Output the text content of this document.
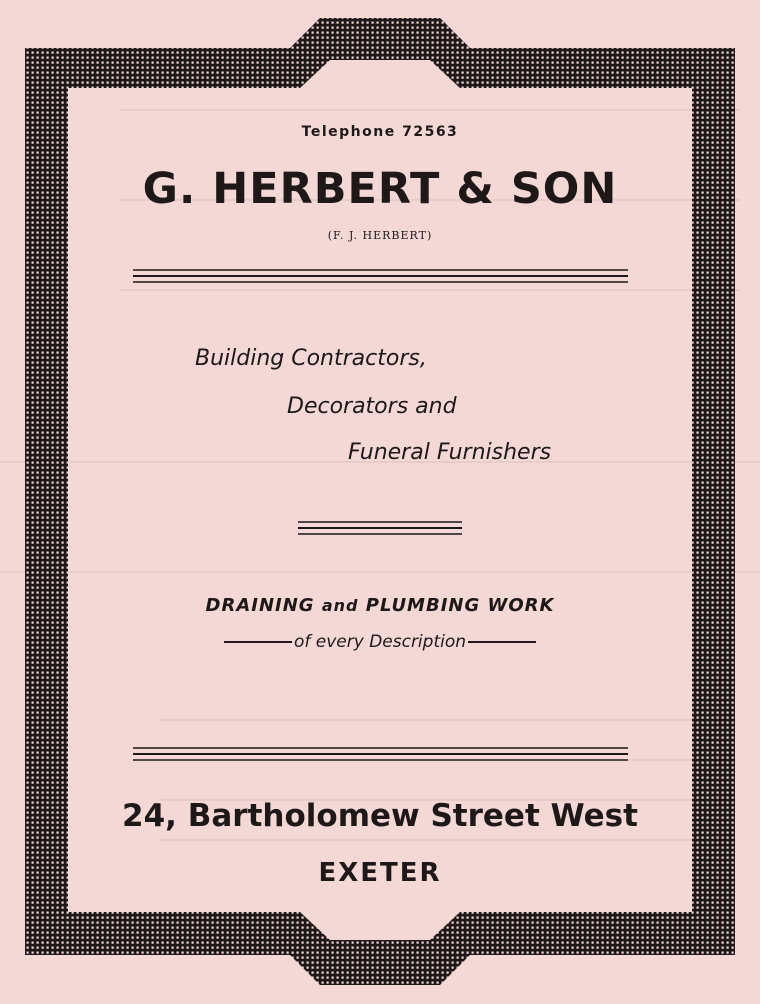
Telephone 72563
G. HERBERT & SON
(F. J. HERBERT)
Building Contractors,
Decorators and
Funeral Furnishers
DRAINING and PLUMBING WORK
of every Description
24, Bartholomew Street West
EXETER
